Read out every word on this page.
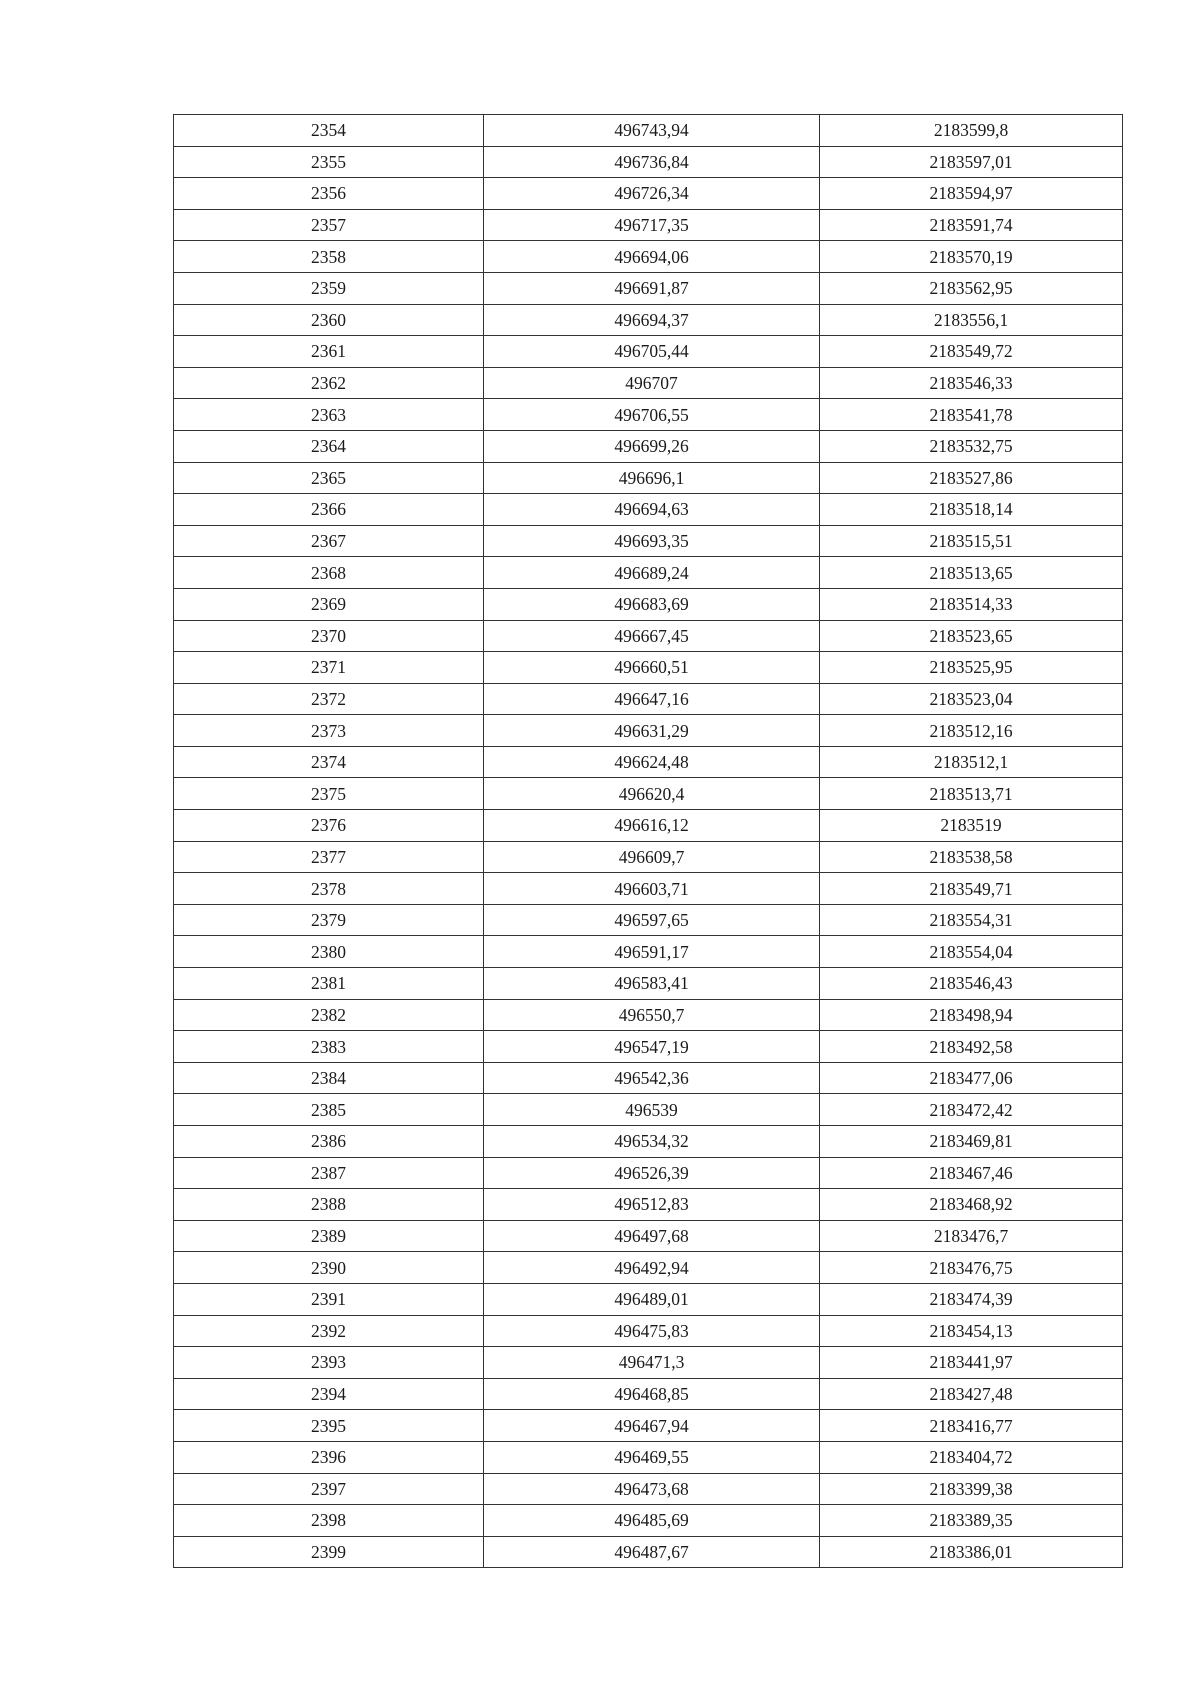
2354	496743,94	2183599,8
2355	496736,84	2183597,01
2356	496726,34	2183594,97
2357	496717,35	2183591,74
2358	496694,06	2183570,19
2359	496691,87	2183562,95
2360	496694,37	2183556,1
2361	496705,44	2183549,72
2362	496707	2183546,33
2363	496706,55	2183541,78
2364	496699,26	2183532,75
2365	496696,1	2183527,86
2366	496694,63	2183518,14
2367	496693,35	2183515,51
2368	496689,24	2183513,65
2369	496683,69	2183514,33
2370	496667,45	2183523,65
2371	496660,51	2183525,95
2372	496647,16	2183523,04
2373	496631,29	2183512,16
2374	496624,48	2183512,1
2375	496620,4	2183513,71
2376	496616,12	2183519
2377	496609,7	2183538,58
2378	496603,71	2183549,71
2379	496597,65	2183554,31
2380	496591,17	2183554,04
2381	496583,41	2183546,43
2382	496550,7	2183498,94
2383	496547,19	2183492,58
2384	496542,36	2183477,06
2385	496539	2183472,42
2386	496534,32	2183469,81
2387	496526,39	2183467,46
2388	496512,83	2183468,92
2389	496497,68	2183476,7
2390	496492,94	2183476,75
2391	496489,01	2183474,39
2392	496475,83	2183454,13
2393	496471,3	2183441,97
2394	496468,85	2183427,48
2395	496467,94	2183416,77
2396	496469,55	2183404,72
2397	496473,68	2183399,38
2398	496485,69	2183389,35
2399	496487,67	2183386,01
